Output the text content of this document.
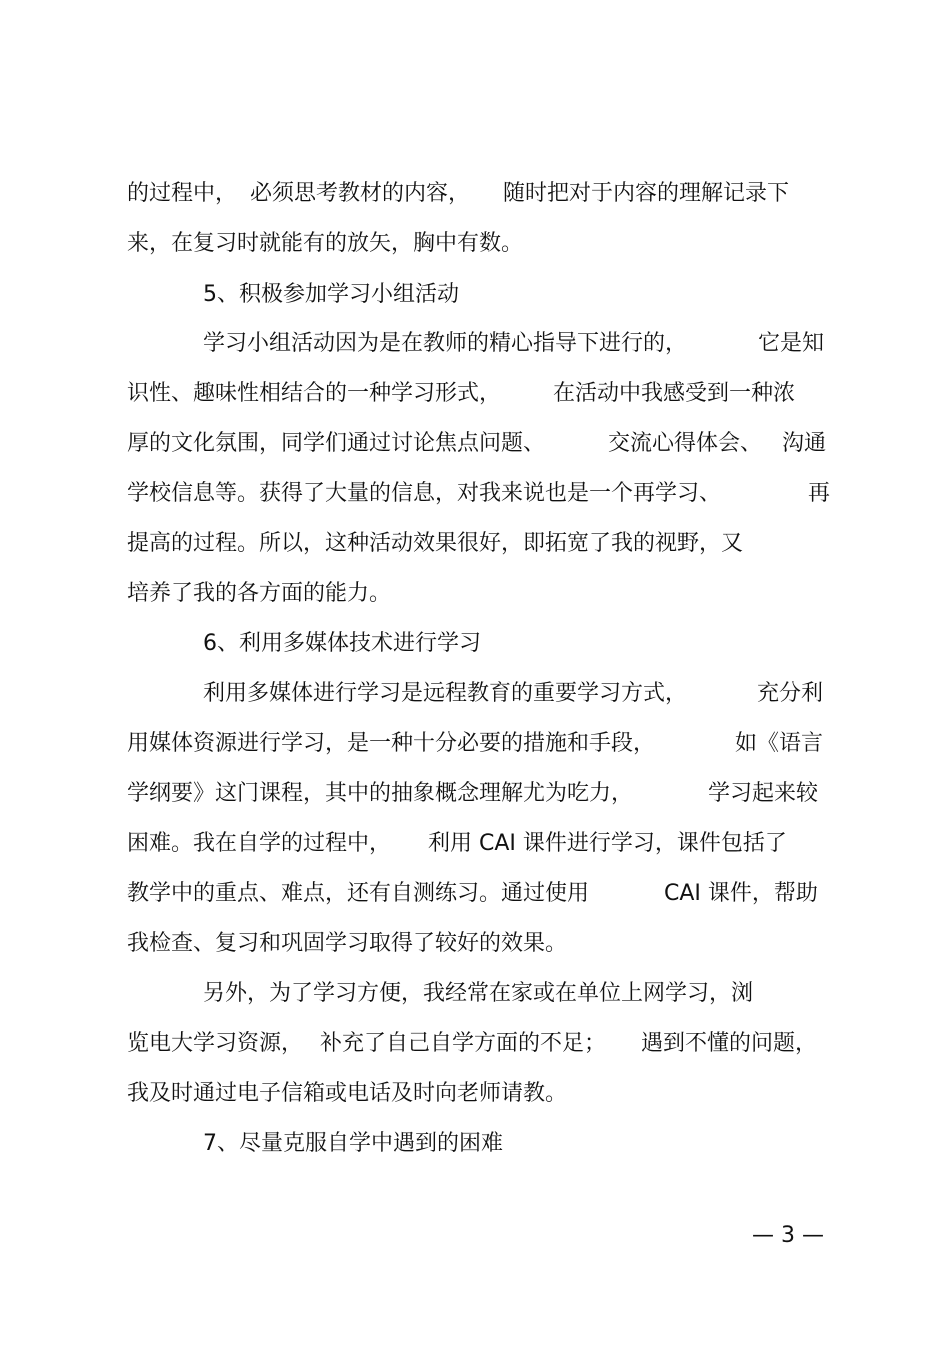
的过程中，

必须思考教材的内容，

随时把对于内容的理解记录下

来，在复习时就能有的放矢，胸中有数。

5、积极参加学习小组活动

学习小组活动因为是在教师的精心指导下进行的，

	它是知

识性、趣味性相结合的一种学习形式，

在活动中我感受到一种浓

厚的文化氛围，同学们通过讨论焦点问题、

	交流心得体会、

沟通

学校信息等。获得了大量的信息，对我来说也是一个再学习、

	再

提高的过程。所以，这种活动效果很好，即拓宽了我的视野，又

培养了我的各方面的能力。

6、利用多媒体技术进行学习

利用多媒体进行学习是远程教育的重要学习方式，

	充分利

用媒体资源进行学习，是一种十分必要的措施和手段，

	如《语言

学纲要》这门课程，其中的抽象概念理解尤为吃力，

	学习起来较

困难。我在自学的过程中，

利用 CAI 课件进行学习，课件包括了

教学中的重点、难点，还有自测练习。通过使用

	CAI 课件，帮助

我检查、复习和巩固学习取得了较好的效果。

另外，为了学习方便，我经常在家或在单位上网学习，浏

览电大学习资源，

补充了自己自学方面的不足；

遇到不懂的问题，

我及时通过电子信箱或电话及时向老师请教。

7、尽量克服自学中遇到的困难

— 3 —
